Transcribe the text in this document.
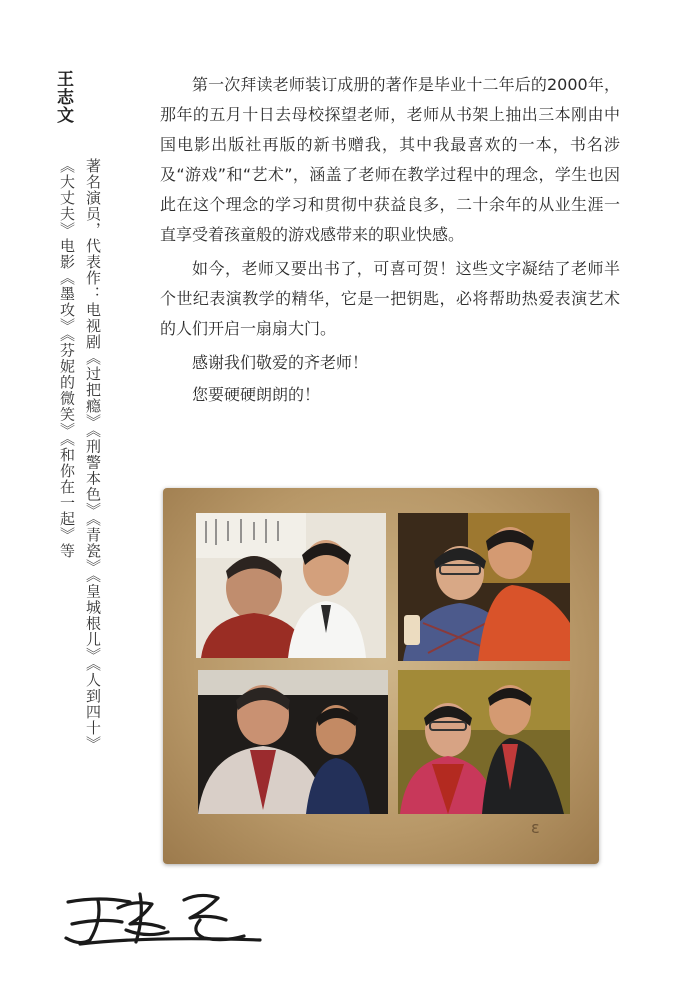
王志文
著名演员，代表作：电视剧《过把瘾》《刑警本色》《青瓷》《皇城根儿》《人到四十》
《大丈夫》电影《墨攻》《芬妮的微笑》《和你在一起》等

第一次拜读老师装订成册的著作是毕业十二年后的2000年，那年的五月十日去母校探望老师，老师从书架上抽出三本刚由中国电影出版社再版的新书赠我，其中我最喜欢的一本，书名涉及“游戏”和“艺术”，涵盖了老师在教学过程中的理念，学生也因此在这个理念的学习和贯彻中获益良多，二十余年的从业生涯一直享受着孩童般的游戏感带来的职业快感。

如今，老师又要出书了，可喜可贺！这些文字凝结了老师半个世纪表演教学的精华，它是一把钥匙，必将帮助热爱表演艺术的人们开启一扇扇大门。

感谢我们敬爱的齐老师！

您要硬硬朗朗的！

ε
